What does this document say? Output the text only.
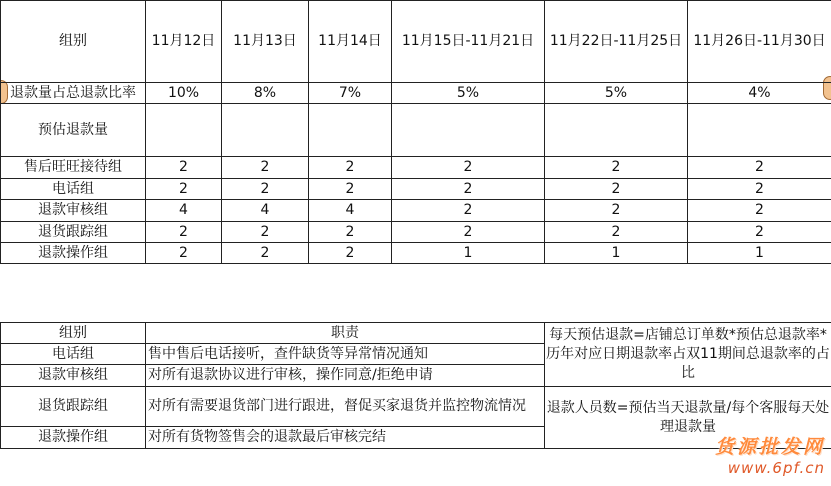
组别	11月12日	11月13日	11月14日	11月15日-11月21日	11月22日-11月25日	11月26日-11月30日
退款量占总退款比率	10%	8%	7%	5%	5%	4%
预估退款量						
售后旺旺接待组	2	2	2	2	2	2
电话组	2	2	2	2	2	2
退款审核组	4	4	4	2	2	2
退货跟踪组	2	2	2	2	2	2
退款操作组	2	2	2	1	1	1
组别	职责	每天预估退款=店铺总订单数*预估总退款率*历年对应日期退款率占双11期间总退款率的占比
电话组	售中售后电话接听，查件缺货等异常情况通知	
退款审核组	对所有退款协议进行审核，操作同意/拒绝申请	
退货跟踪组	对所有需要退货部门进行跟进，督促买家退货并监控物流情况	退款人员数=预估当天退款量/每个客服每天处理退款量
退款操作组	对所有货物签售会的退款最后审核完结		货源批发网
www.6pf.cn
